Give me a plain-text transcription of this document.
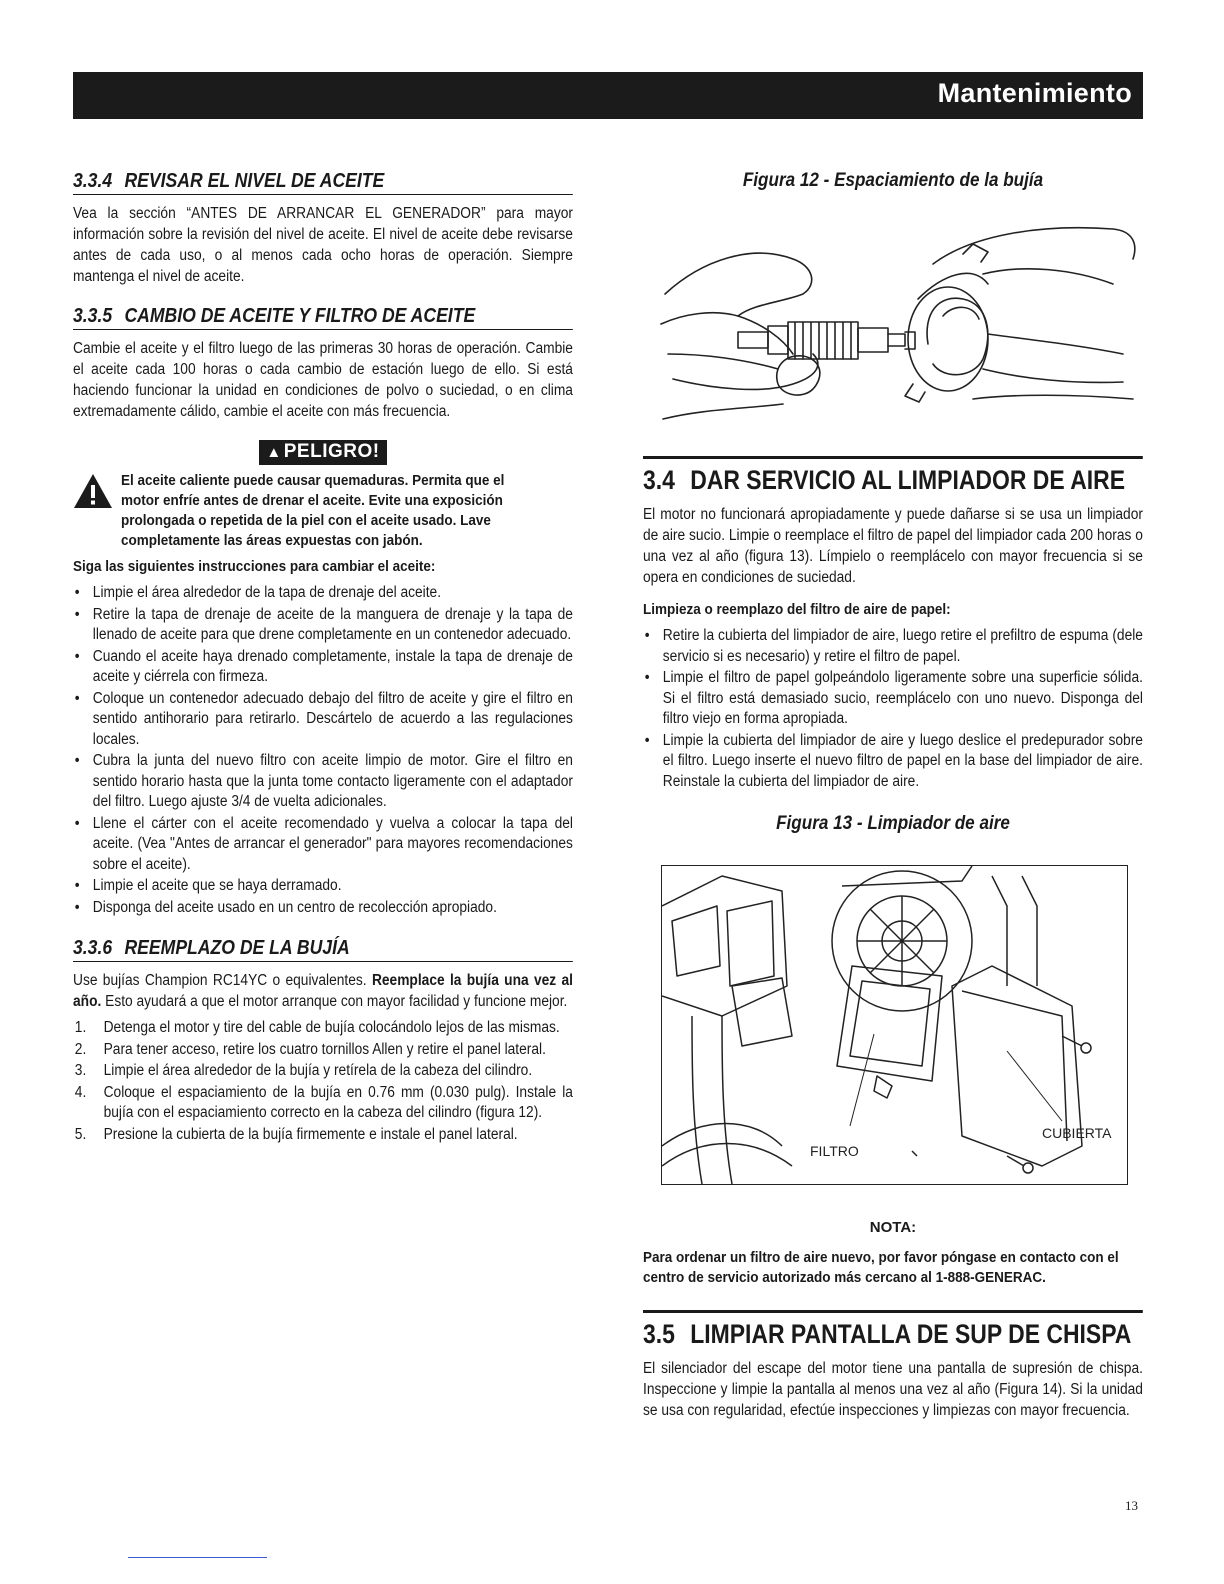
Mantenimiento
3.3.4 REVISAR EL NIVEL DE ACEITE

Vea la sección “ANTES DE ARRANCAR EL GENERADOR” para mayor información sobre la revisión del nivel de aceite. El nivel de aceite debe revisarse antes de cada uso, o al menos cada ocho horas de operación. Siempre mantenga el nivel de aceite.

3.3.5 CAMBIO DE ACEITE Y FILTRO DE ACEITE

Cambie el aceite y el filtro luego de las primeras 30 horas de operación. Cambie el aceite cada 100 horas o cada cambio de estación luego de ello. Si está haciendo funcionar la unidad en condiciones de polvo o suciedad, o en clima extremadamente cálido, cambie el aceite con más frecuencia.

▲ PELIGRO!
El aceite caliente puede causar quemaduras. Permita que el motor enfríe antes de drenar el aceite. Evite una exposición prolongada o repetida de la piel con el aceite usado. Lave completamente las áreas expuestas con jabón.
Siga las siguientes instrucciones para cambiar el aceite:
• Limpie el área alrededor de la tapa de drenaje del aceite.
• Retire la tapa de drenaje de aceite de la manguera de drenaje y la tapa de llenado de aceite para que drene completamente en un contenedor adecuado.
• Cuando el aceite haya drenado completamente, instale la tapa de drenaje de aceite y ciérrela con firmeza.
• Coloque un contenedor adecuado debajo del filtro de aceite y gire el filtro en sentido antihorario para retirarlo. Descártelo de acuerdo a las regulaciones locales.
• Cubra la junta del nuevo filtro con aceite limpio de motor. Gire el filtro en sentido horario hasta que la junta tome contacto ligeramente con el adaptador del filtro. Luego ajuste 3/4 de vuelta adicionales.
• Llene el cárter con el aceite recomendado y vuelva a colocar la tapa del aceite. (Vea "Antes de arrancar el generador" para mayores recomendaciones sobre el aceite).
• Limpie el aceite que se haya derramado.
• Disponga del aceite usado en un centro de recolección apropiado.
3.3.6 REEMPLAZO DE LA BUJÍA

Use bujías Champion RC14YC o equivalentes. Reemplace la bujía una vez al año. Esto ayudará a que el motor arranque con mayor facilidad y funcione mejor.

1. Detenga el motor y tire del cable de bujía colocándolo lejos de las mismas.
2. Para tener acceso, retire los cuatro tornillos Allen y retire el panel lateral.
3. Limpie el área alrededor de la bujía y retírela de la cabeza del cilindro.
4. Coloque el espaciamiento de la bujía en 0.76 mm (0.030 pulg). Instale la bujía con el espaciamiento correcto en la cabeza del cilindro (figura 12).
5. Presione la cubierta de la bujía firmemente e instale el panel lateral.
Figura 12 - Espaciamiento de la bujía
3.4 DAR SERVICIO AL LIMPIADOR DE AIRE

El motor no funcionará apropiadamente y puede dañarse si se usa un limpiador de aire sucio. Limpie o reemplace el filtro de papel del limpiador cada 200 horas o una vez al año (figura 13). Límpielo o reemplácelo con mayor frecuencia si se opera en condiciones de suciedad.

Limpieza o reemplazo del filtro de aire de papel:
• Retire la cubierta del limpiador de aire, luego retire el prefiltro de espuma (dele servicio si es necesario) y retire el filtro de papel.
• Limpie el filtro de papel golpeándolo ligeramente sobre una superficie sólida. Si el filtro está demasiado sucio, reemplácelo con uno nuevo. Disponga del filtro viejo en forma apropiada.
• Limpie la cubierta del limpiador de aire y luego deslice el predepurador sobre el filtro. Luego inserte el nuevo filtro de papel en la base del limpiador de aire. Reinstale la cubierta del limpiador de aire.
Figura 13 - Limpiador de aire
FILTRO
CUBIERTA
NOTA:
Para ordenar un filtro de aire nuevo, por favor póngase en contacto con el centro de servicio autorizado más cercano al 1-888-GENERAC.
3.5 LIMPIAR PANTALLA DE SUP DE CHISPA

El silenciador del escape del motor tiene una pantalla de supresión de chispa. Inspeccione y limpie la pantalla al menos una vez al año (Figura 14). Si la unidad se usa con regularidad, efectúe inspecciones y limpiezas con mayor frecuencia.

13
